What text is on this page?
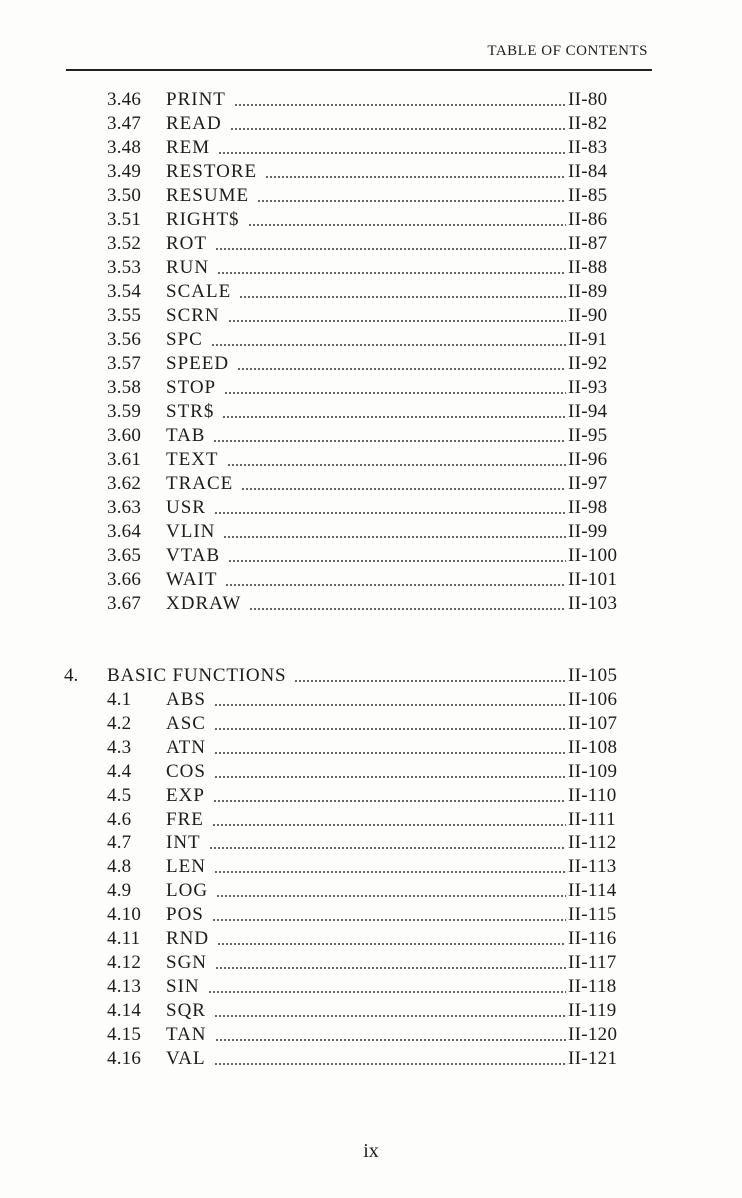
TABLE OF CONTENTS
3.46 PRINT	II-80
3.47 READ	II-82
3.48 REM	II-83
3.49 RESTORE	II-84
3.50 RESUME	II-85
3.51 RIGHT$	II-86
3.52 ROT	II-87
3.53 RUN	II-88
3.54 SCALE	II-89
3.55 SCRN	II-90
3.56 SPC	II-91
3.57 SPEED	II-92
3.58 STOP	II-93
3.59 STR$	II-94
3.60 TAB	II-95
3.61 TEXT	II-96
3.62 TRACE	II-97
3.63 USR	II-98
3.64 VLIN	II-99
3.65 VTAB	II-100
3.66 WAIT	II-101
3.67 XDRAW	II-103
4. BASIC FUNCTIONS	II-105
4.1 ABS	II-106
4.2 ASC	II-107
4.3 ATN	II-108
4.4 COS	II-109
4.5 EXP	II-110
4.6 FRE	II-111
4.7 INT	II-112
4.8 LEN	II-113
4.9 LOG	II-114
4.10 POS	II-115
4.11 RND	II-116
4.12 SGN	II-117
4.13 SIN	II-118
4.14 SQR	II-119
4.15 TAN	II-120
4.16 VAL	II-121
ix
